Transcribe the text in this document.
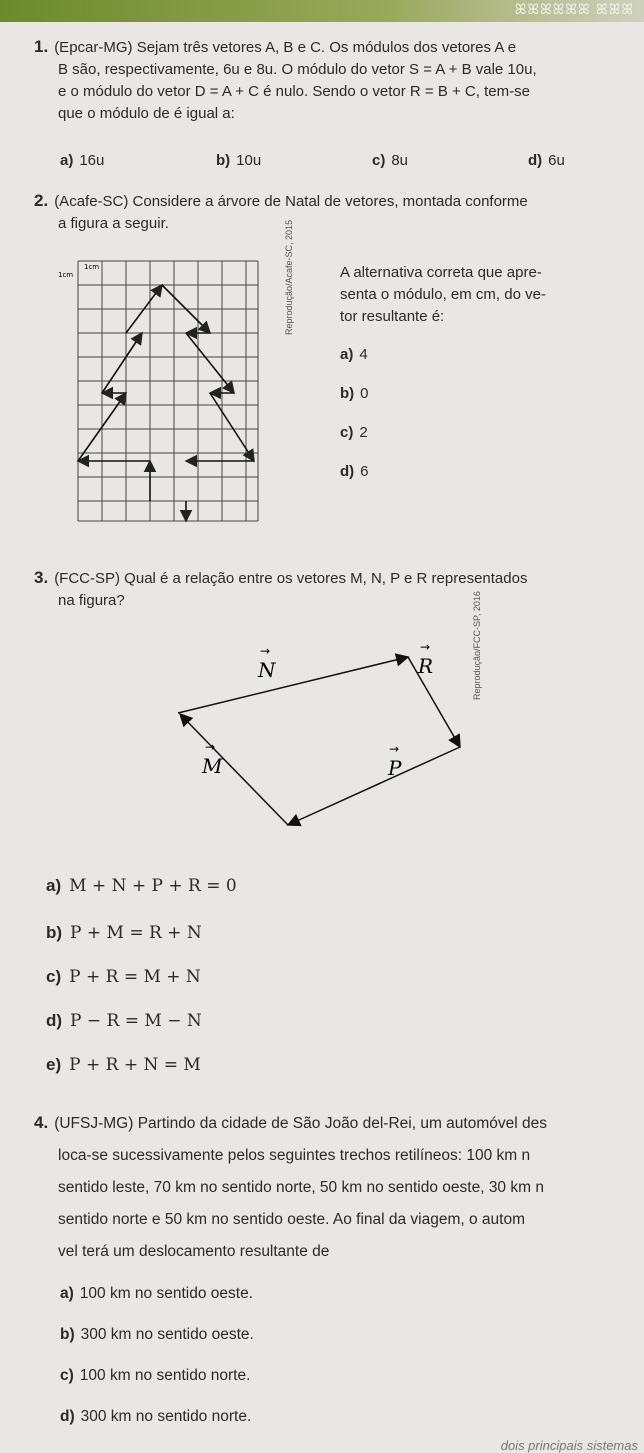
ꕤꕤꕤꕤꕤꕤ ꕤꕤꕤ
1. (Epcar-MG) Sejam três vetores A, B e C. Os módulos dos vetores A e
B são, respectivamente, 6u e 8u. O módulo do vetor S = A + B vale 10u,
e o módulo do vetor D = A + C é nulo. Sendo o vetor R = B + C, tem-se
que o módulo de é igual a:
a) 16u	b) 10u	c) 8u	d) 6u
2. (Acafe-SC) Considere a árvore de Natal de vetores, montada conforme
a figura a seguir.
1cm
1cm	Reprodução/Acafe-SC, 2015	A alternativa correta que apre-
senta o módulo, em cm, do ve-
tor resultante é:
a) 4
b) 0
c) 2
d) 6
3. (FCC-SP) Qual é a relação entre os vetores M, N, P e R representados
na figura?
N
→
R
→
M
→
P
→
Reprodução/FCC-SP, 2016
a) M + N + P + R = 0
b) P + M = R + N
c) P + R = M + N
d) P − R = M − N
e) P + R + N = M
4. (UFSJ-MG) Partindo da cidade de São João del-Rei, um automóvel des
loca-se sucessivamente pelos seguintes trechos retilíneos: 100 km n
sentido leste, 70 km no sentido norte, 50 km no sentido oeste, 30 km n
sentido norte e 50 km no sentido oeste. Ao final da viagem, o autom
vel terá um deslocamento resultante de
a) 100 km no sentido oeste.
b) 300 km no sentido oeste.
c) 100 km no sentido norte.
d) 300 km no sentido norte.
dois principais sistemas
